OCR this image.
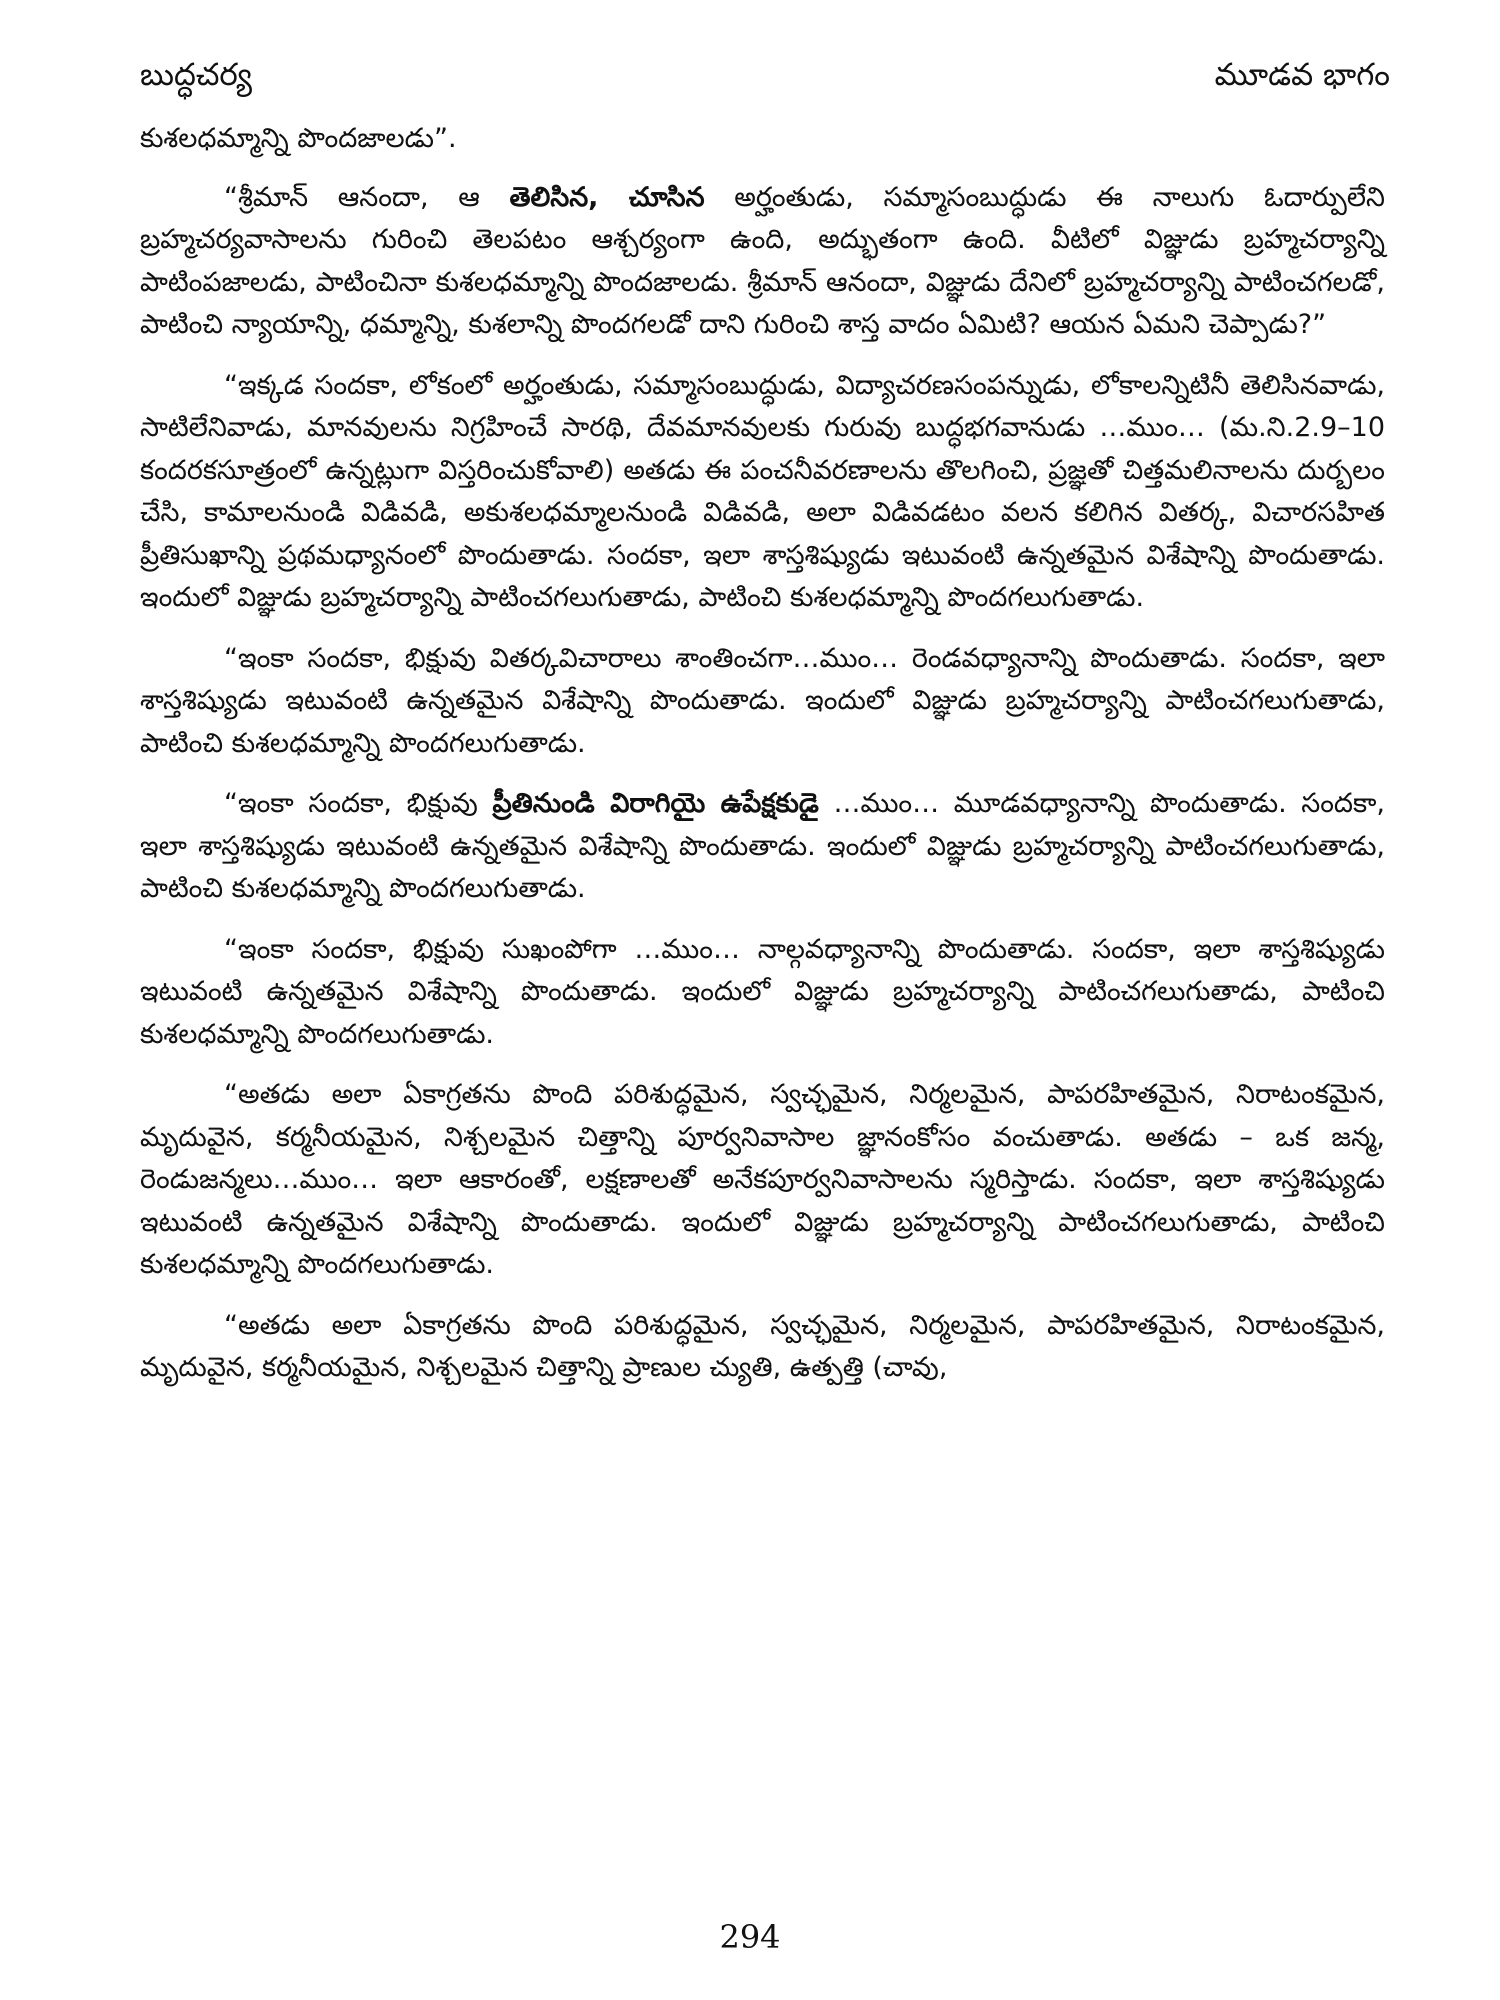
బుద్ధచర్య	మూడవ భాగం

కుశలధమ్మాన్ని పొందజాలడు”.

“శ్రీమాన్ ఆనందా, ఆ తెలిసిన, చూసిన అర్హంతుడు, సమ్మాసంబుద్ధుడు ఈ నాలుగు ఓదార్పులేని బ్రహ్మచర్యవాసాలను గురించి తెలపటం ఆశ్చర్యంగా ఉంది, అద్భుతంగా ఉంది. వీటిలో విజ్ఞుడు బ్రహ్మచర్యాన్ని పాటింపజాలడు, పాటించినా కుశలధమ్మాన్ని పొందజాలడు. శ్రీమాన్ ఆనందా, విజ్ఞుడు దేనిలో బ్రహ్మచర్యాన్ని పాటించగలడో, పాటించి న్యాయాన్ని, ధమ్మాన్ని, కుశలాన్ని పొందగలడో దాని గురించి శాస్త వాదం ఏమిటి? ఆయన ఏమని చెప్పాడు?”

“ఇక్కడ సందకా, లోకంలో అర్హంతుడు, సమ్మాసంబుద్ధుడు, విద్యాచరణసంపన్నుడు, లోకాలన్నిటినీ తెలిసినవాడు, సాటిలేనివాడు, మానవులను నిగ్రహించే సారథి, దేవమానవులకు గురువు బుద్ధభగవానుడు …ముం… (మ.ని.2.9–10 కందరకసూత్రంలో ఉన్నట్లుగా విస్తరించుకోవాలి) అతడు ఈ పంచనీవరణాలను తొలగించి, ప్రజ్ఞతో చిత్తమలినాలను దుర్బలం చేసి, కామాలనుండి విడివడి, అకుశలధమ్మాలనుండి విడివడి, అలా విడివడటం వలన కలిగిన వితర్క, విచారసహిత ప్రీతిసుఖాన్ని ప్రథమధ్యానంలో పొందుతాడు. సందకా, ఇలా శాస్తశిష్యుడు ఇటువంటి ఉన్నతమైన విశేషాన్ని పొందుతాడు. ఇందులో విజ్ఞుడు బ్రహ్మచర్యాన్ని పాటించగలుగుతాడు, పాటించి కుశలధమ్మాన్ని పొందగలుగుతాడు.

“ఇంకా సందకా, భిక్షువు వితర్కవిచారాలు శాంతించగా…ముం… రెండవధ్యానాన్ని పొందుతాడు. సందకా, ఇలా శాస్తశిష్యుడు ఇటువంటి ఉన్నతమైన విశేషాన్ని పొందుతాడు. ఇందులో విజ్ఞుడు బ్రహ్మచర్యాన్ని పాటించగలుగుతాడు, పాటించి కుశలధమ్మాన్ని పొందగలుగుతాడు.

“ఇంకా సందకా, భిక్షువు ప్రీతినుండి విరాగియై ఉపేక్షకుడై …ముం… మూడవధ్యానాన్ని పొందుతాడు. సందకా, ఇలా శాస్తశిష్యుడు ఇటువంటి ఉన్నతమైన విశేషాన్ని పొందుతాడు. ఇందులో విజ్ఞుడు బ్రహ్మచర్యాన్ని పాటించగలుగుతాడు, పాటించి కుశలధమ్మాన్ని పొందగలుగుతాడు.

“ఇంకా సందకా, భిక్షువు సుఖంపోగా …ముం… నాల్గవధ్యానాన్ని పొందుతాడు. సందకా, ఇలా శాస్తశిష్యుడు ఇటువంటి ఉన్నతమైన విశేషాన్ని పొందుతాడు. ఇందులో విజ్ఞుడు బ్రహ్మచర్యాన్ని పాటించగలుగుతాడు, పాటించి కుశలధమ్మాన్ని పొందగలుగుతాడు.

“అతడు అలా ఏకాగ్రతను పొంది పరిశుద్ధమైన, స్వచ్ఛమైన, నిర్మలమైన, పాపరహితమైన, నిరాటంకమైన, మృదువైన, కర్మనీయమైన, నిశ్చలమైన చిత్తాన్ని పూర్వనివాసాల జ్ఞానంకోసం వంచుతాడు. అతడు – ఒక జన్మ, రెండుజన్మలు…ముం… ఇలా ఆకారంతో, లక్షణాలతో అనేకపూర్వనివాసాలను స్మరిస్తాడు. సందకా, ఇలా శాస్తశిష్యుడు ఇటువంటి ఉన్నతమైన విశేషాన్ని పొందుతాడు. ఇందులో విజ్ఞుడు బ్రహ్మచర్యాన్ని పాటించగలుగుతాడు, పాటించి కుశలధమ్మాన్ని పొందగలుగుతాడు.

“అతడు అలా ఏకాగ్రతను పొంది పరిశుద్ధమైన, స్వచ్ఛమైన, నిర్మలమైన, పాపరహితమైన, నిరాటంకమైన, మృదువైన, కర్మనీయమైన, నిశ్చలమైన చిత్తాన్ని ప్రాణుల చ్యుతి, ఉత్పత్తి (చావు,

294
